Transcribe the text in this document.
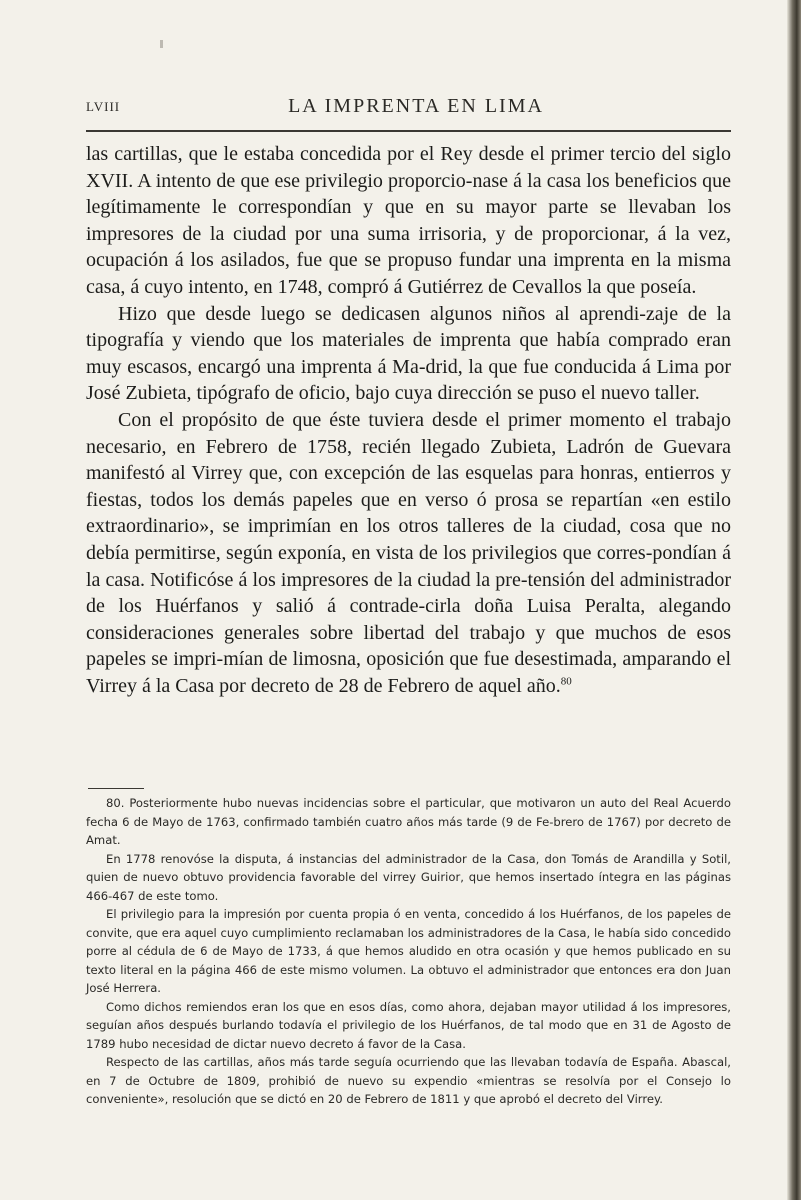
LVIII	LA IMPRENTA EN LIMA

las cartillas, que le estaba concedida por el Rey desde el primer tercio del siglo XVII. A intento de que ese privilegio proporcio-nase á la casa los beneficios que legítimamente le correspondían y que en su mayor parte se llevaban los impresores de la ciudad por una suma irrisoria, y de proporcionar, á la vez, ocupación á los asilados, fue que se propuso fundar una imprenta en la misma casa, á cuyo intento, en 1748, compró á Gutiérrez de Cevallos la que poseía.

Hizo que desde luego se dedicasen algunos niños al aprendi-zaje de la tipografía y viendo que los materiales de imprenta que había comprado eran muy escasos, encargó una imprenta á Ma-drid, la que fue conducida á Lima por José Zubieta, tipógrafo de oficio, bajo cuya dirección se puso el nuevo taller.

Con el propósito de que éste tuviera desde el primer momento el trabajo necesario, en Febrero de 1758, recién llegado Zubieta, Ladrón de Guevara manifestó al Virrey que, con excepción de las esquelas para honras, entierros y fiestas, todos los demás papeles que en verso ó prosa se repartían «en estilo extraordinario», se imprimían en los otros talleres de la ciudad, cosa que no debía permitirse, según exponía, en vista de los privilegios que corres-pondían á la casa. Notificóse á los impresores de la ciudad la pre-tensión del administrador de los Huérfanos y salió á contrade-cirla doña Luisa Peralta, alegando consideraciones generales sobre libertad del trabajo y que muchos de esos papeles se impri-mían de limosna, oposición que fue desestimada, amparando el Virrey á la Casa por decreto de 28 de Febrero de aquel año.$^{80}$

80. Posteriormente hubo nuevas incidencias sobre el particular, que motivaron un auto del Real Acuerdo fecha 6 de Mayo de 1763, confirmado también cuatro años más tarde (9 de Fe-brero de 1767) por decreto de Amat.

En 1778 renovóse la disputa, á instancias del administrador de la Casa, don Tomás de Arandilla y Sotil, quien de nuevo obtuvo providencia favorable del virrey Guirior, que hemos insertado íntegra en las páginas 466-467 de este tomo.

El privilegio para la impresión por cuenta propia ó en venta, concedido á los Huérfanos, de los papeles de convite, que era aquel cuyo cumplimiento reclamaban los administradores de la Casa, le había sido concedido porre al cédula de 6 de Mayo de 1733, á que hemos aludido en otra ocasión y que hemos publicado en su texto literal en la página 466 de este mismo volumen. La obtuvo el administrador que entonces era don Juan José Herrera.

Como dichos remiendos eran los que en esos días, como ahora, dejaban mayor utilidad á los impresores, seguían años después burlando todavía el privilegio de los Huérfanos, de tal modo que en 31 de Agosto de 1789 hubo necesidad de dictar nuevo decreto á favor de la Casa.

Respecto de las cartillas, años más tarde seguía ocurriendo que las llevaban todavía de España. Abascal, en 7 de Octubre de 1809, prohibió de nuevo su expendio «mientras se resolvía por el Consejo lo conveniente», resolución que se dictó en 20 de Febrero de 1811 y que aprobó el decreto del Virrey.
